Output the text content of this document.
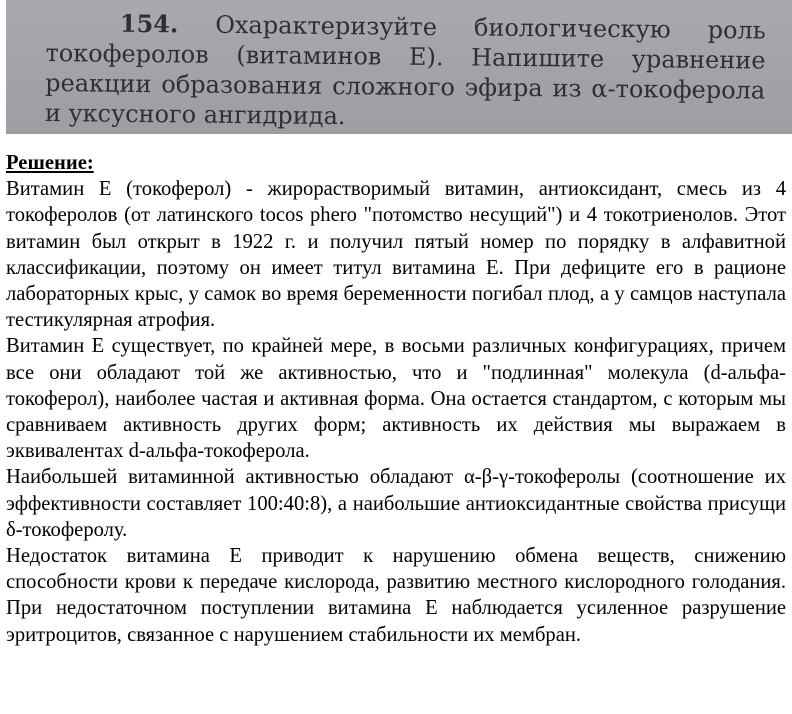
154. Охарактеризуйте биологическую роль токоферолов (витаминов Е). Напишите уравнение реакции образования сложного эфира из α-токоферола и уксусного ангидрида.
Решение:

Витамин Е (токоферол) - жирорастворимый витамин, антиоксидант, смесь из 4 токоферолов (от латинского tocos phero "потомство несущий") и 4 токотриенолов. Этот витамин был открыт в 1922 г. и получил пятый номер по порядку в алфавитной классификации, поэтому он имеет титул витамина Е. При дефиците его в рационе лабораторных крыс, у самок во время беременности погибал плод, а у самцов наступала тестикулярная атрофия.

Витамин Е существует, по крайней мере, в восьми различных конфигурациях, причем все они обладают той же активностью, что и "подлинная" молекула (d-альфа-токоферол), наиболее частая и активная форма. Она остается стандартом, с которым мы сравниваем активность других форм; активность их действия мы выражаем в эквивалентах d-альфа-токоферола.

Наибольшей витаминной активностью обладают α-β-γ-токоферолы (соотношение их эффективности составляет 100:40:8), а наибольшие антиоксидантные свойства присущи δ-токоферолу.

Недостаток витамина Е приводит к нарушению обмена веществ, снижению способности крови к передаче кислорода, развитию местного кислородного голодания. При недостаточном поступлении витамина Е наблюдается усиленное разрушение эритроцитов, связанное с нарушением стабильности их мембран.
